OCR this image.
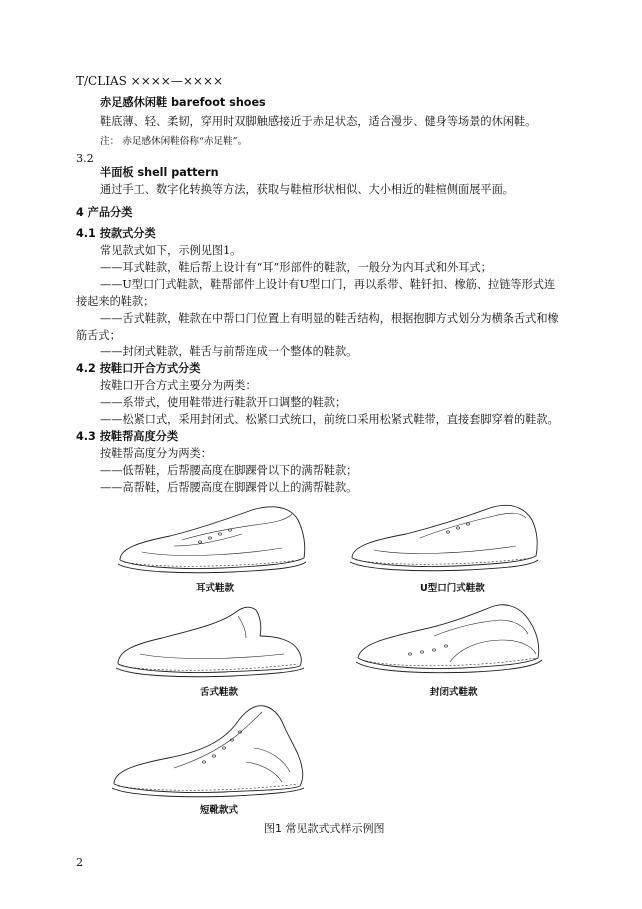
T/CLIAS ××××—××××
赤足感休闲鞋 barefoot shoes
鞋底薄、轻、柔韧，穿用时双脚触感接近于赤足状态，适合漫步、健身等场景的休闲鞋。
注： 赤足感休闲鞋俗称“赤足鞋”。
3.2
半面板 shell pattern
通过手工、数字化转换等方法，获取与鞋楦形状相似、大小相近的鞋楦侧面展平面。
4 产品分类
4.1 按款式分类
常见款式如下，示例见图1。
——耳式鞋款，鞋后帮上设计有“耳”形部件的鞋款，一般分为内耳式和外耳式；
——U型口门式鞋款，鞋帮部件上设计有U型口门，再以系带、鞋钎扣、橡筋、拉链等形式连接起来的鞋款；
——舌式鞋款，鞋款在中帮口门位置上有明显的鞋舌结构，根据抱脚方式划分为横条舌式和橡筋舌式；
——封闭式鞋款，鞋舌与前帮连成一个整体的鞋款。
4.2 按鞋口开合方式分类
按鞋口开合方式主要分为两类：
——系带式，使用鞋带进行鞋款开口调整的鞋款；
——松紧口式，采用封闭式、松紧口式统口，前统口采用松紧式鞋带，直接套脚穿着的鞋款。
4.3 按鞋帮高度分类
按鞋帮高度分为两类：
——低帮鞋，后帮腰高度在脚踝骨以下的满帮鞋款；
——高帮鞋，后帮腰高度在脚踝骨以上的满帮鞋款。
耳式鞋款	U型口门式鞋款
舌式鞋款	封闭式鞋款
短靴款式
图1 常见款式式样示例图
2
